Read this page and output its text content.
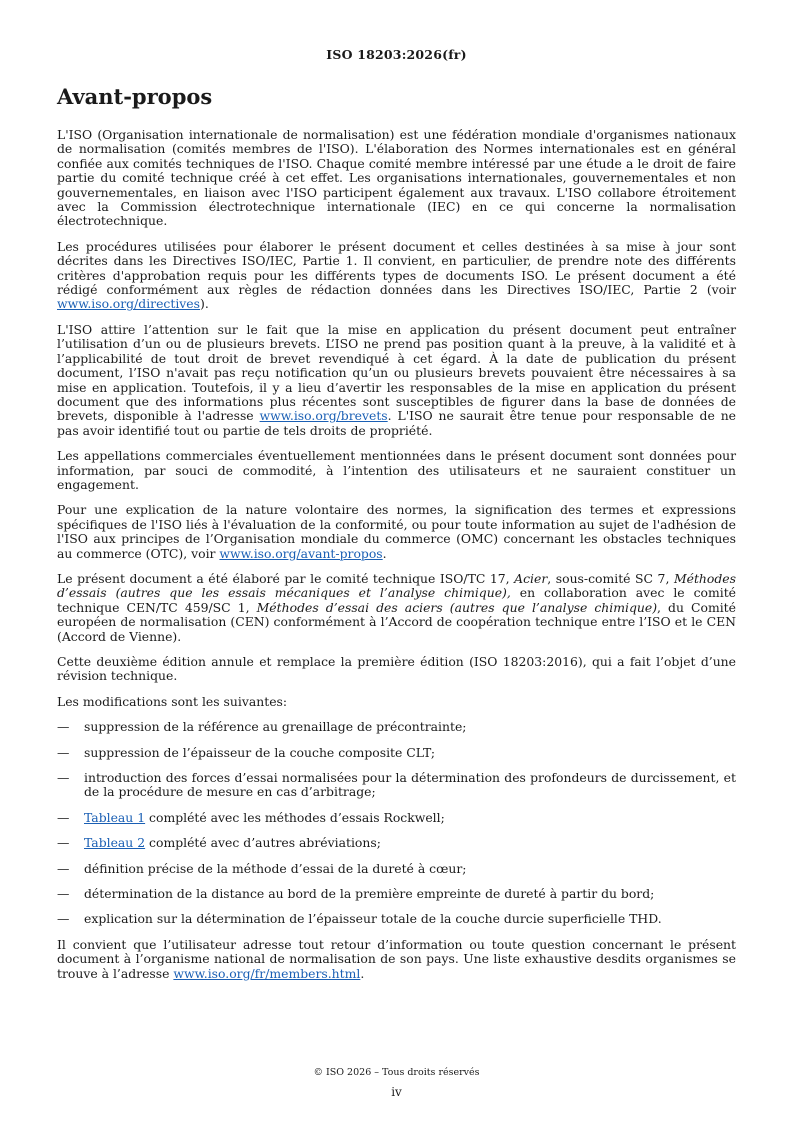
ISO 18203:2026(fr)
Avant-propos

L'ISO (Organisation internationale de normalisation) est une fédération mondiale d'organismes nationaux de normalisation (comités membres de l'ISO). L'élaboration des Normes internationales est en général confiée aux comités techniques de l'ISO. Chaque comité membre intéressé par une étude a le droit de faire partie du comité technique créé à cet effet. Les organisations internationales, gouvernementales et non gouvernementales, en liaison avec l'ISO participent également aux travaux. L'ISO collabore étroitement avec la Commission électrotechnique internationale (IEC) en ce qui concerne la normalisation électrotechnique.

Les procédures utilisées pour élaborer le présent document et celles destinées à sa mise à jour sont décrites dans les Directives ISO/IEC, Partie 1. Il convient, en particulier, de prendre note des différents critères d'approbation requis pour les différents types de documents ISO. Le présent document a été rédigé conformément aux règles de rédaction données dans les Directives ISO/IEC, Partie 2 (voir www.iso.org/directives).

L'ISO attire l’attention sur le fait que la mise en application du présent document peut entraîner l’utilisation d’un ou de plusieurs brevets. L’ISO ne prend pas position quant à la preuve, à la validité et à l’applicabilité de tout droit de brevet revendiqué à cet égard. À la date de publication du présent document, l’ISO n'avait pas reçu notification qu’un ou plusieurs brevets pouvaient être nécessaires à sa mise en application. Toutefois, il y a lieu d’avertir les responsables de la mise en application du présent document que des informations plus récentes sont susceptibles de figurer dans la base de données de brevets, disponible à l'adresse www.iso.org/brevets. L'ISO ne saurait être tenue pour responsable de ne pas avoir identifié tout ou partie de tels droits de propriété.

Les appellations commerciales éventuellement mentionnées dans le présent document sont données pour information, par souci de commodité, à l’intention des utilisateurs et ne sauraient constituer un engagement.

Pour une explication de la nature volontaire des normes, la signification des termes et expressions spécifiques de l'ISO liés à l'évaluation de la conformité, ou pour toute information au sujet de l'adhésion de l'ISO aux principes de l’Organisation mondiale du commerce (OMC) concernant les obstacles techniques au commerce (OTC), voir www.iso.org/avant-propos.

Le présent document a été élaboré par le comité technique ISO/TC 17, Acier, sous-comité SC 7, Méthodes d’essais (autres que les essais mécaniques et l’analyse chimique), en collaboration avec le comité technique CEN/TC 459/SC 1, Méthodes d’essai des aciers (autres que l’analyse chimique), du Comité européen de normalisation (CEN) conformément à l’Accord de coopération technique entre l’ISO et le CEN (Accord de Vienne).

Cette deuxième édition annule et remplace la première édition (ISO 18203:2016), qui a fait l’objet d’une révision technique.

Les modifications sont les suivantes:

— suppression de la référence au grenaillage de précontrainte;
— suppression de l’épaisseur de la couche composite CLT;
— introduction des forces d’essai normalisées pour la détermination des profondeurs de durcissement, et de la procédure de mesure en cas d’arbitrage;
— Tableau 1 complété avec les méthodes d’essais Rockwell;
— Tableau 2 complété avec d’autres abréviations;
— définition précise de la méthode d’essai de la dureté à cœur;
— détermination de la distance au bord de la première empreinte de dureté à partir du bord;
— explication sur la détermination de l’épaisseur totale de la couche durcie superficielle THD.

Il convient que l’utilisateur adresse tout retour d’information ou toute question concernant le présent document à l’organisme national de normalisation de son pays. Une liste exhaustive desdits organismes se trouve à l’adresse www.iso.org/fr/members.html.

© ISO 2026 – Tous droits réservés
iv
